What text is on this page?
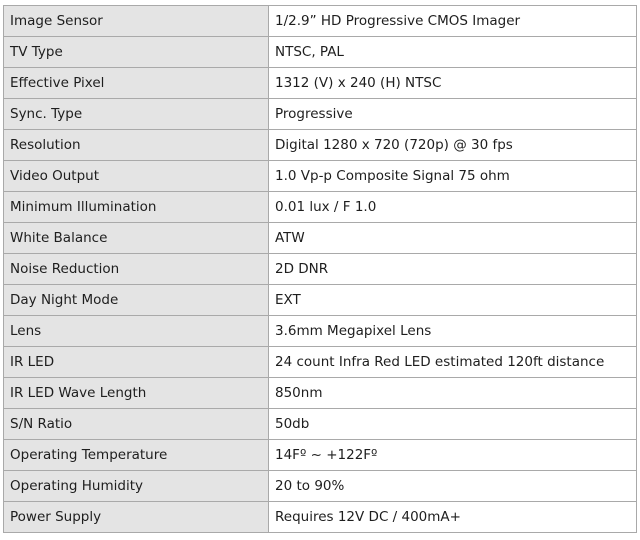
Image Sensor	1/2.9” HD Progressive CMOS Imager
TV Type	NTSC, PAL
Effective Pixel	1312 (V) x 240 (H) NTSC
Sync. Type	Progressive
Resolution	Digital 1280 x 720 (720p) @ 30 fps
Video Output	1.0 Vp-p Composite Signal 75 ohm
Minimum Illumination	0.01 lux / F 1.0
White Balance	ATW
Noise Reduction	2D DNR
Day Night Mode	EXT
Lens	3.6mm Megapixel Lens
IR LED	24 count Infra Red LED estimated 120ft distance
IR LED Wave Length	850nm
S/N Ratio	50db
Operating Temperature	14Fº ~ +122Fº
Operating Humidity	20 to 90%
Power Supply	Requires 12V DC / 400mA+
